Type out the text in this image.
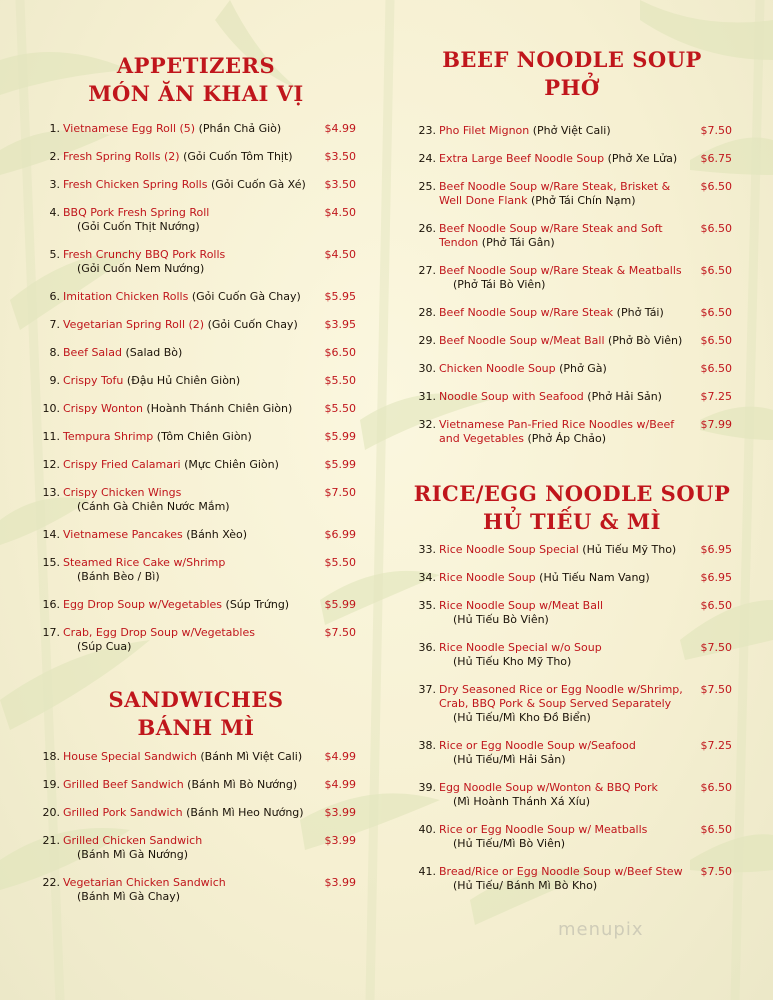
APPETIZERS
MÓN ĂN KHAI VỊ
1. Vietnamese Egg Roll (5) (Phần Chả Giò)	$4.99
2. Fresh Spring Rolls (2) (Gỏi Cuốn Tôm Thịt)	$3.50
3. Fresh Chicken Spring Rolls (Gỏi Cuốn Gà Xé)	$3.50
4. BBQ Pork Fresh Spring Roll
(Gỏi Cuốn Thịt Nướng)
$4.50
5. Fresh Crunchy BBQ Pork Rolls
(Gỏi Cuốn Nem Nướng)
$4.50
6. Imitation Chicken Rolls (Gỏi Cuốn Gà Chay)	$5.95
7. Vegetarian Spring Roll (2) (Gỏi Cuốn Chay)	$3.95
8. Beef Salad (Salad Bò)	$6.50
9. Crispy Tofu (Đậu Hủ Chiên Giòn)	$5.50
10. Crispy Wonton (Hoành Thánh Chiên Giòn)	$5.50
11. Tempura Shrimp (Tôm Chiên Giòn)	$5.99
12. Crispy Fried Calamari (Mực Chiên Giòn)	$5.99
13. Crispy Chicken Wings
(Cánh Gà Chiên Nước Mắm)
$7.50
14. Vietnamese Pancakes (Bánh Xèo)	$6.99
15. Steamed Rice Cake w/Shrimp
(Bánh Bèo / Bì)
$5.50
16. Egg Drop Soup w/Vegetables (Súp Trứng)	$5.99
17. Crab, Egg Drop Soup w/Vegetables
(Súp Cua)
$7.50
SANDWICHES
BÁNH MÌ
18. House Special Sandwich (Bánh Mì Việt Cali)	$4.99
19. Grilled Beef Sandwich (Bánh Mì Bò Nướng)	$4.99
20. Grilled Pork Sandwich (Bánh Mì Heo Nướng)	$3.99
21. Grilled Chicken Sandwich
(Bánh Mì Gà Nướng)
$3.99
22. Vegetarian Chicken Sandwich
(Bánh Mì Gà Chay)
$3.99
BEEF NOODLE SOUP
PHỞ
23. Pho Filet Mignon (Phở Việt Cali)	$7.50
24. Extra Large Beef Noodle Soup (Phở Xe Lửa)	$6.75
25. Beef Noodle Soup w/Rare Steak, Brisket & Well Done Flank (Phở Tái Chín Nạm)
$6.50
26. Beef Noodle Soup w/Rare Steak and Soft Tendon (Phở Tái Gân)
$6.50
27. Beef Noodle Soup w/Rare Steak & Meatballs
(Phở Tái Bò Viên)
$6.50
28. Beef Noodle Soup w/Rare Steak (Phở Tái)	$6.50
29. Beef Noodle Soup w/Meat Ball (Phở Bò Viên)	$6.50
30. Chicken Noodle Soup (Phở Gà)	$6.50
31. Noodle Soup with Seafood (Phở Hải Sản)	$7.25
32. Vietnamese Pan-Fried Rice Noodles w/Beef and Vegetables (Phở Áp Chảo)
$7.99
RICE/EGG NOODLE SOUP
HỦ TIẾU & MÌ
33. Rice Noodle Soup Special (Hủ Tiếu Mỹ Tho)	$6.95
34. Rice Noodle Soup (Hủ Tiếu Nam Vang)	$6.95
35. Rice Noodle Soup w/Meat Ball
(Hủ Tiếu Bò Viên)
$6.50
36. Rice Noodle Special w/o Soup
(Hủ Tiếu Kho Mỹ Tho)
$7.50
37. Dry Seasoned Rice or Egg Noodle w/Shrimp, Crab, BBQ Pork & Soup Served Separately
(Hủ Tiếu/Mì Kho Đồ Biển)
$7.50
38. Rice or Egg Noodle Soup w/Seafood
(Hủ Tiếu/Mì Hải Sản)
$7.25
39. Egg Noodle Soup w/Wonton & BBQ Pork
(Mì Hoành Thánh Xá Xíu)
$6.50
40. Rice or Egg Noodle Soup w/ Meatballs
(Hủ Tiếu/Mì Bò Viên)
$6.50
41. Bread/Rice or Egg Noodle Soup w/Beef Stew
(Hủ Tiếu/ Bánh Mì Bò Kho)
$7.50
menupix
